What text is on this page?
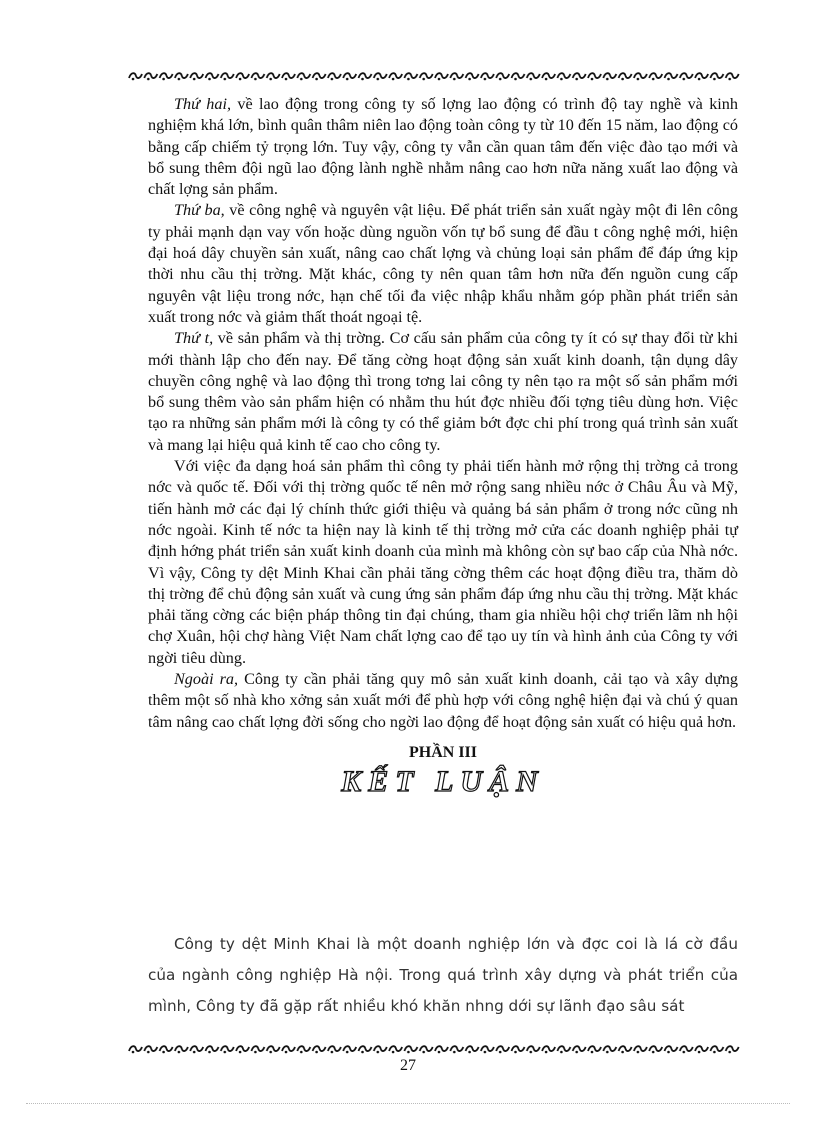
Thứ hai, về lao động trong công ty số lợng lao động có trình độ tay nghề và kinh nghiệm khá lớn, bình quân thâm niên lao động toàn công ty từ 10 đến 15 năm, lao động có bằng cấp chiếm tỷ trọng lớn. Tuy vậy, công ty vẫn cần quan tâm đến việc đào tạo mới và bổ sung thêm đội ngũ lao động lành nghề nhằm nâng cao hơn nữa năng xuất lao động và chất lợng sản phẩm.

Thứ ba, về công nghệ và nguyên vật liệu. Để phát triển sản xuất ngày một đi lên công ty phải mạnh dạn vay vốn hoặc dùng nguồn vốn tự bổ sung để đầu t công nghệ mới, hiện đại hoá dây chuyền sản xuất, nâng cao chất lợng và chủng loại sản phẩm để đáp ứng kịp thời nhu cầu thị trờng. Mặt khác, công ty nên quan tâm hơn nữa đến nguồn cung cấp nguyên vật liệu trong nớc, hạn chế tối đa việc nhập khẩu nhằm góp phần phát triển sản xuất trong nớc và giảm thất thoát ngoại tệ.

Thứ t, về sản phẩm và thị trờng. Cơ cấu sản phẩm của công ty ít có sự thay đổi từ khi mới thành lập cho đến nay. Để tăng cờng hoạt động sản xuất kinh doanh, tận dụng dây chuyền công nghệ và lao động thì trong tơng lai công ty nên tạo ra một số sản phẩm mới bổ sung thêm vào sản phẩm hiện có nhằm thu hút đợc nhiều đối tợng tiêu dùng hơn. Việc tạo ra những sản phẩm mới là công ty có thể giảm bớt đợc chi phí trong quá trình sản xuất và mang lại hiệu quả kinh tế cao cho công ty.

Với việc đa dạng hoá sản phẩm thì công ty phải tiến hành mở rộng thị trờng cả trong nớc và quốc tế. Đối với thị trờng quốc tế nên mở rộng sang nhiều nớc ở Châu Âu và Mỹ, tiến hành mở các đại lý chính thức giới thiệu và quảng bá sản phẩm ở trong nớc cũng nh nớc ngoài. Kinh tế nớc ta hiện nay là kinh tế thị trờng mở cửa các doanh nghiệp phải tự định hớng phát triển sản xuất kinh doanh của mình mà không còn sự bao cấp của Nhà nớc. Vì vậy, Công ty dệt Minh Khai cần phải tăng cờng thêm các hoạt động điều tra, thăm dò thị trờng để chủ động sản xuất và cung ứng sản phẩm đáp ứng nhu cầu thị trờng. Mặt khác phải tăng cờng các biện pháp thông tin đại chúng, tham gia nhiều hội chợ triển lãm nh hội chợ Xuân, hội chợ hàng Việt Nam chất lợng cao để tạo uy tín và hình ảnh của Công ty với ngời tiêu dùng.

Ngoài ra, Công ty cần phải tăng quy mô sản xuất kinh doanh, cải tạo và xây dựng thêm một số nhà kho xởng sản xuất mới để phù hợp với công nghệ hiện đại và chú ý quan tâm nâng cao chất lợng đời sống cho ngời lao động để hoạt động sản xuất có hiệu quả hơn.

PHẦN III
KẾT LUẬN

Công ty dệt Minh Khai là một doanh nghiệp lớn và đợc coi là lá cờ đầu của ngành công nghiệp Hà nội. Trong quá trình xây dựng và phát triển của mình, Công ty đã gặp rất nhiều khó khăn nhng dới sự lãnh đạo sâu sát

27
